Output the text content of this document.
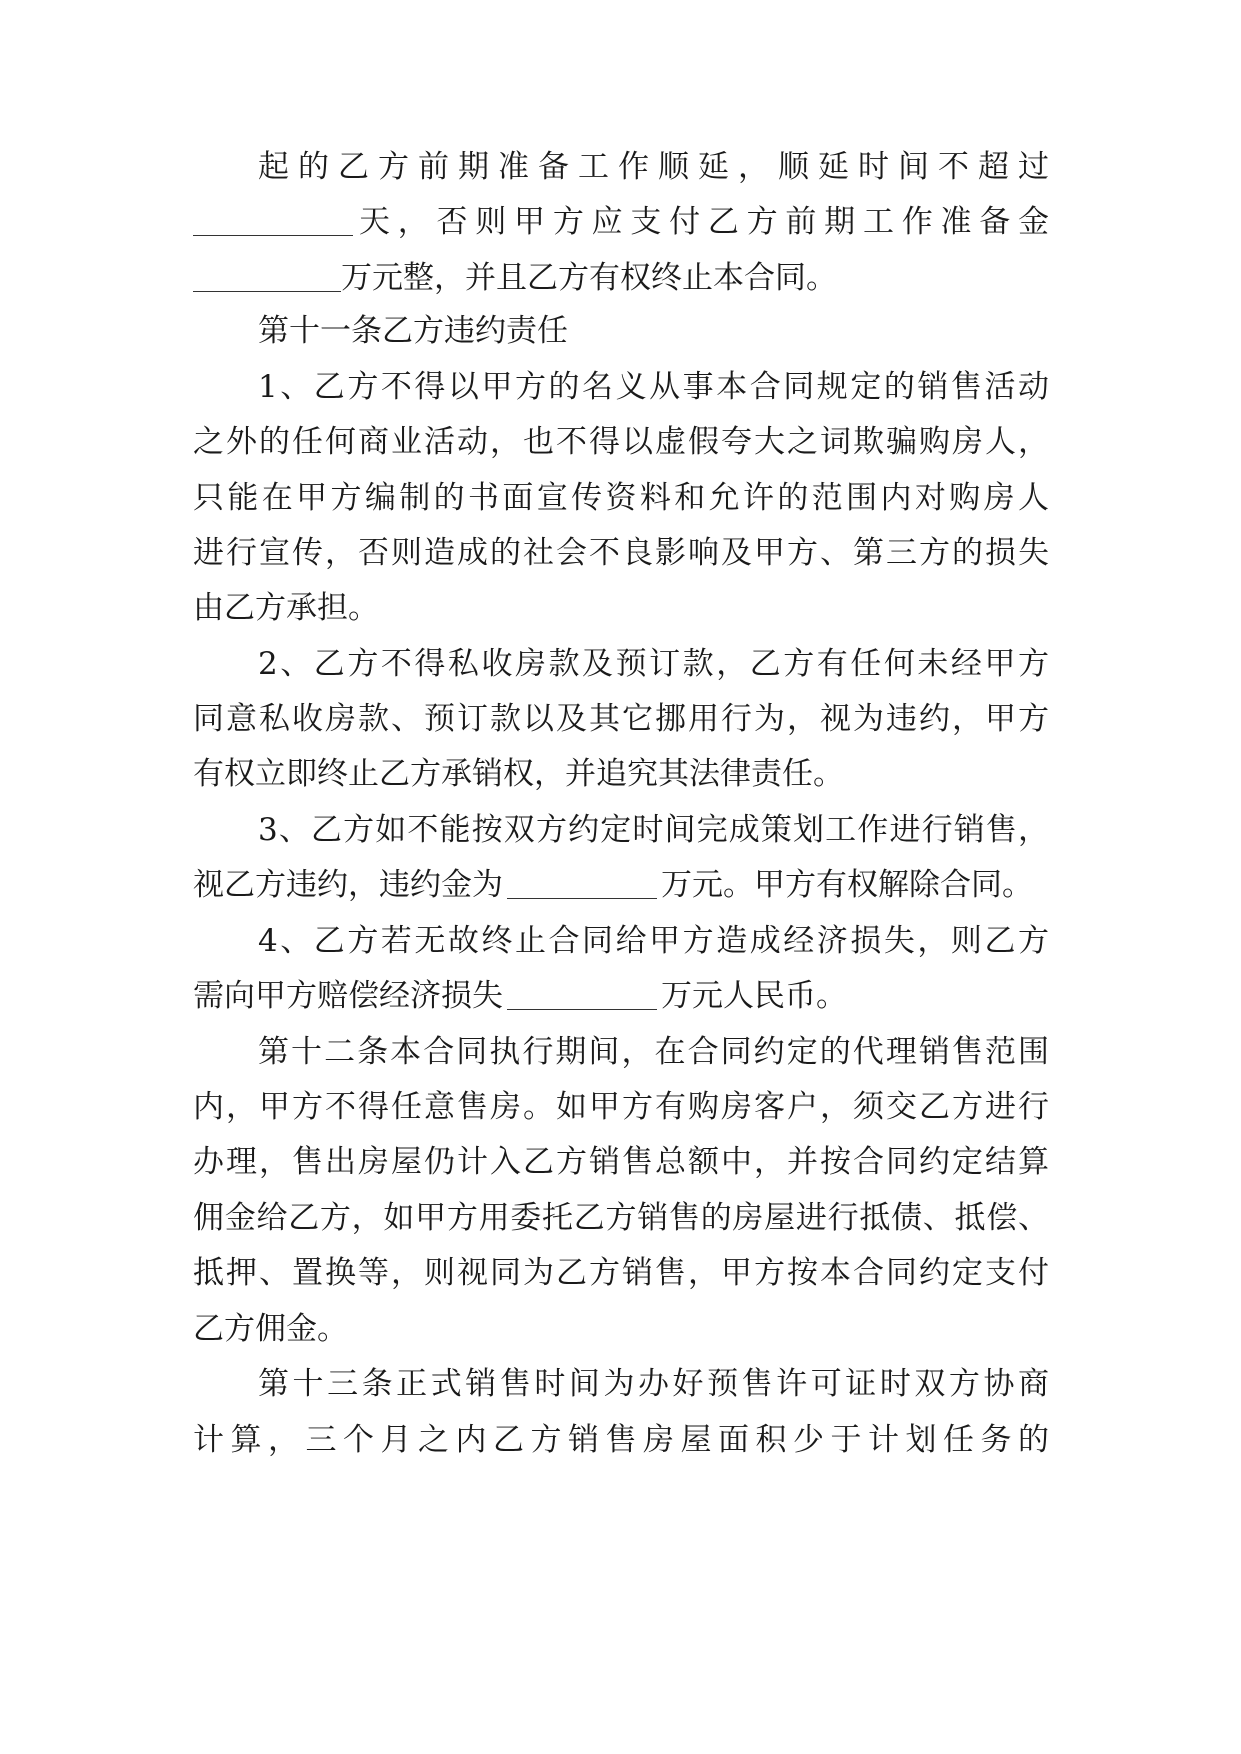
起的乙方前期准备工作顺延，顺延时间不超过
天，否则甲方应支付乙方前期工作准备金
万元整，并且乙方有权终止本合同。
第十一条乙方违约责任
1、乙方不得以甲方的名义从事本合同规定的销售活动
之外的任何商业活动，也不得以虚假夸大之词欺骗购房人，
只能在甲方编制的书面宣传资料和允许的范围内对购房人
进行宣传，否则造成的社会不良影响及甲方、第三方的损失
由乙方承担。
2、乙方不得私收房款及预订款，乙方有任何未经甲方
同意私收房款、预订款以及其它挪用行为，视为违约，甲方
有权立即终止乙方承销权，并追究其法律责任。
3、乙方如不能按双方约定时间完成策划工作进行销售，
视乙方违约，违约金为	万元。甲方有权解除合同。
4、乙方若无故终止合同给甲方造成经济损失，则乙方
需向甲方赔偿经济损失	万元人民币。
第十二条本合同执行期间，在合同约定的代理销售范围
内，甲方不得任意售房。如甲方有购房客户，须交乙方进行
办理，售出房屋仍计入乙方销售总额中，并按合同约定结算
佣金给乙方，如甲方用委托乙方销售的房屋进行抵债、抵偿、
抵押、置换等，则视同为乙方销售，甲方按本合同约定支付
乙方佣金。
第十三条正式销售时间为办好预售许可证时双方协商
计算，三个月之内乙方销售房屋面积少于计划任务的
